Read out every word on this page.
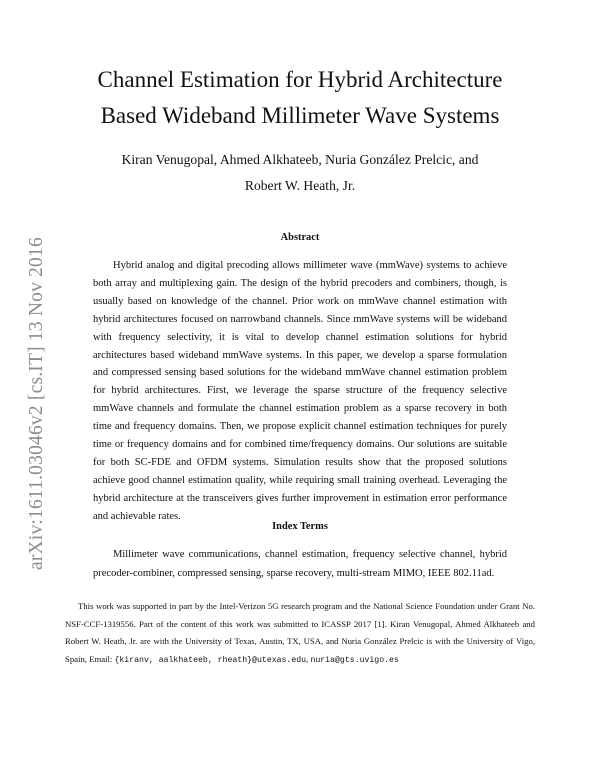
arXiv:1611.03046v2 [cs.IT] 13 Nov 2016
Channel Estimation for Hybrid Architecture
Based Wideband Millimeter Wave Systems
Kiran Venugopal, Ahmed Alkhateeb, Nuria González Prelcic, and
Robert W. Heath, Jr.
Abstract

Hybrid analog and digital precoding allows millimeter wave (mmWave) systems to achieve both array and multiplexing gain. The design of the hybrid precoders and combiners, though, is usually based on knowledge of the channel. Prior work on mmWave channel estimation with hybrid architectures focused on narrowband channels. Since mmWave systems will be wideband with frequency selectivity, it is vital to develop channel estimation solutions for hybrid architectures based wideband mmWave systems. In this paper, we develop a sparse formulation and compressed sensing based solutions for the wideband mmWave channel estimation problem for hybrid architectures. First, we leverage the sparse structure of the frequency selective mmWave channels and formulate the channel estimation problem as a sparse recovery in both time and frequency domains. Then, we propose explicit channel estimation techniques for purely time or frequency domains and for combined time/frequency domains. Our solutions are suitable for both SC-FDE and OFDM systems. Simulation results show that the proposed solutions achieve good channel estimation quality, while requiring small training overhead. Leveraging the hybrid architecture at the transceivers gives further improvement in estimation error performance and achievable rates.

Index Terms

Millimeter wave communications, channel estimation, frequency selective channel, hybrid precoder-combiner, compressed sensing, sparse recovery, multi-stream MIMO, IEEE 802.11ad.

This work was supported in part by the Intel-Verizon 5G research program and the National Science Foundation under Grant No. NSF-CCF-1319556. Part of the content of this work was submitted to ICASSP 2017 [1]. Kiran Venugopal, Ahmed Alkhateeb and Robert W. Heath, Jr. are with the University of Texas, Austin, TX, USA, and Nuria González Prelcic is with the University of Vigo, Spain, Email: {kiranv, aalkhateeb, rheath}@utexas.edu, nuria@gts.uvigo.es
